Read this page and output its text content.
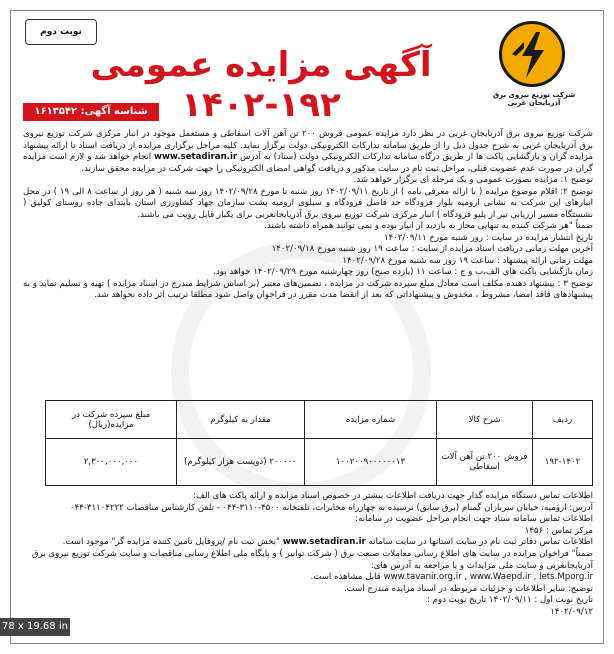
نوبت دوم
آگهی مزایده عمومی ۱۹۲-۱۴۰۲	شرکت توزیع نیروی برق آذربایجان غربی
شناسه آگهی: ۱۶۱۳۵۴۲

شرکت توزیع نیروی برق آذربایجان غربی در نظر دارد مزایده عمومی فروش ۲۰۰ تن آهن آلات اسقاطی و مستعمل موجود در انبار مرکزی شرکت توزیع نیروی برق آذربایجان غربی به شرح جدول ذیل را از طریق سامانه تدارکات الکترونیکی دولت برگزار نماید. کلیه مراحل برگزاری مزایده از دریافت اسناد تا ارائه پیشنهاد مزایده گران و بازگشایی پاکت ها از طریق درگاه سامانه تدارکات الکترونیکی دولت (ستاد) به آدرس www.setadiran.ir انجام خواهد شد و لازم است مزایده گران در صورت عدم عضویت قبلی، مراحل ثبت نام در سایت مذکور و دریافت گواهی امضای الکترونیکی را جهت شرکت در مزایده محقق سازند.

توضیح ۱: مزایده بصورت عمومی و یک مرحله ای برگزار خواهد شد.

توضیح ۲: اقلام موضوع مزایده ( با ارائه معرفی نامه ) از تاریخ ۱۴۰۲/۰۹/۱۱ روز شنبه تا مورخ ۱۴۰۲/۰۹/۲۸ روز سه شنبه ( هر روز از ساعت ۸ الی ۱۹ ) در محل انبارهای این شرکت به نشانی ارومیه بلوار فرودگاه حد فاصل فرودگاه و سیلوی ارومیه پشت سازمان جهاد کشاورزی استان بابتدای جاده روستای کولیق ( نشستگاه مسیر ارزیابی تیر از پلیو فرودگاه ) انبار مرکزی شرکت توزیع نیروی برق آذربایجانغربی برای یکبار قابل رویت می باشند.

ضمناً "هر شرکت کننده به تنهایی مجاز به بازدید از انبار بوده و نمی توانند همراه داشته باشند.

تاریخ انتشار مزایده در سایت : روز شنبه مورخ ۱۴۰۲/۰۹/۱۱

آخرین مهلت زمانی دریافت اسناد مزایده از سایت : ساعت ۱۹ روز شنبه مورخ ۱۴۰۲/۰۹/۱۸

مهلت زمانی ارائه پیشنهاد : ساعت ۱۹ روز سه شنبه مورخ ۱۴۰۲/۰۹/۲۸

زمان بازگشایی پاکت های الف،ب و ج : ساعت ۱۱ (یازده صبح) روز چهارشنبه مورخ ۱۴۰۲/۰۹/۲۹ خواهد بود.

توضیح ۳ : پیشنهاد دهنده مکلف است معادل مبلغ سپرده شرکت در مزایده ، تضمین‌های معتبر (بر اساس شرایط مندرج در اسناد مزایده ) تهیه و تسلیم نماید و به پیشنهادهای فاقد امضا، مشروط ، مخدوش و پیشنهاداتی که بعد از انقضا مدت مقرر در فراخوان واصل شود مطلقا ترتیب اثر داده نخواهد شد.

ردیف	شرح کالا	شماره مزایده	مقدار به کیلوگرم	مبلغ سپرده شرکت در مزایده(ریال)
۱۹۲-۱۴۰۲	فروش ۲۰۰ تن آهن آلات اسقاطی	۱۰۰۲۰۰۹۰۰۰۰۰۰۱۳	۲۰۰۰۰۰ (دویست هزار کیلوگرم)	۲,۳۰۰,۰۰۰,۰۰۰

اطلاعات تماس دستگاه مزایده گذار جهت دریافت اطلاعات بیشتر در خصوص اسناد مزایده و ارائه پاکت های الف:

آدرس: ارومیه، خیابان سربازان گمنام (برق سابق) نرسیده به چهارراه مخابرات، تلفنخانه ۴۵۰۰-۳۱۱۰-۰۴۴ - تلفن کارشناس مناقصات ۳۱۱۰۴۲۲۲-۰۴۴

اطلاعات تماس سامانه ستاد جهت انجام مراحل عضویت در سامانه:

مرکز تماس : ۱۴۵۶

اطلاعات تماس دفاتر ثبت نام در سایت استانها در سایت سامانه www.setadiran.ir "بخش ثبت نام /پروفایل تامین کننده مزایده گر" موجود است.

ضمناً" فراخوان مزایده در سایت های اطلاع رسانی معاملات صنعت برق ( شرکت توانیر ) و پایگاه ملی اطلاع رسانی مناقصات و سایت شرکت توزیع نیروی برق آذربایجانغربی و سایت ملی مزایدات و یا مراجعه به آدرس های:

www.tavanir.org.ir , www.Waepd.ir , lets.Mporg.ir قابل مشاهده است.

توضیح: سایر اطلاعات و جزئیات مربوطه در اسناد مزایده مندرج است.

تاریخ نوبت اول : ۱۴۰۲/۰۹/۱۱ تاریخ نوبت دوم :

۱۴۰۲/۰۹/۱۲

78 x 19.68 in
